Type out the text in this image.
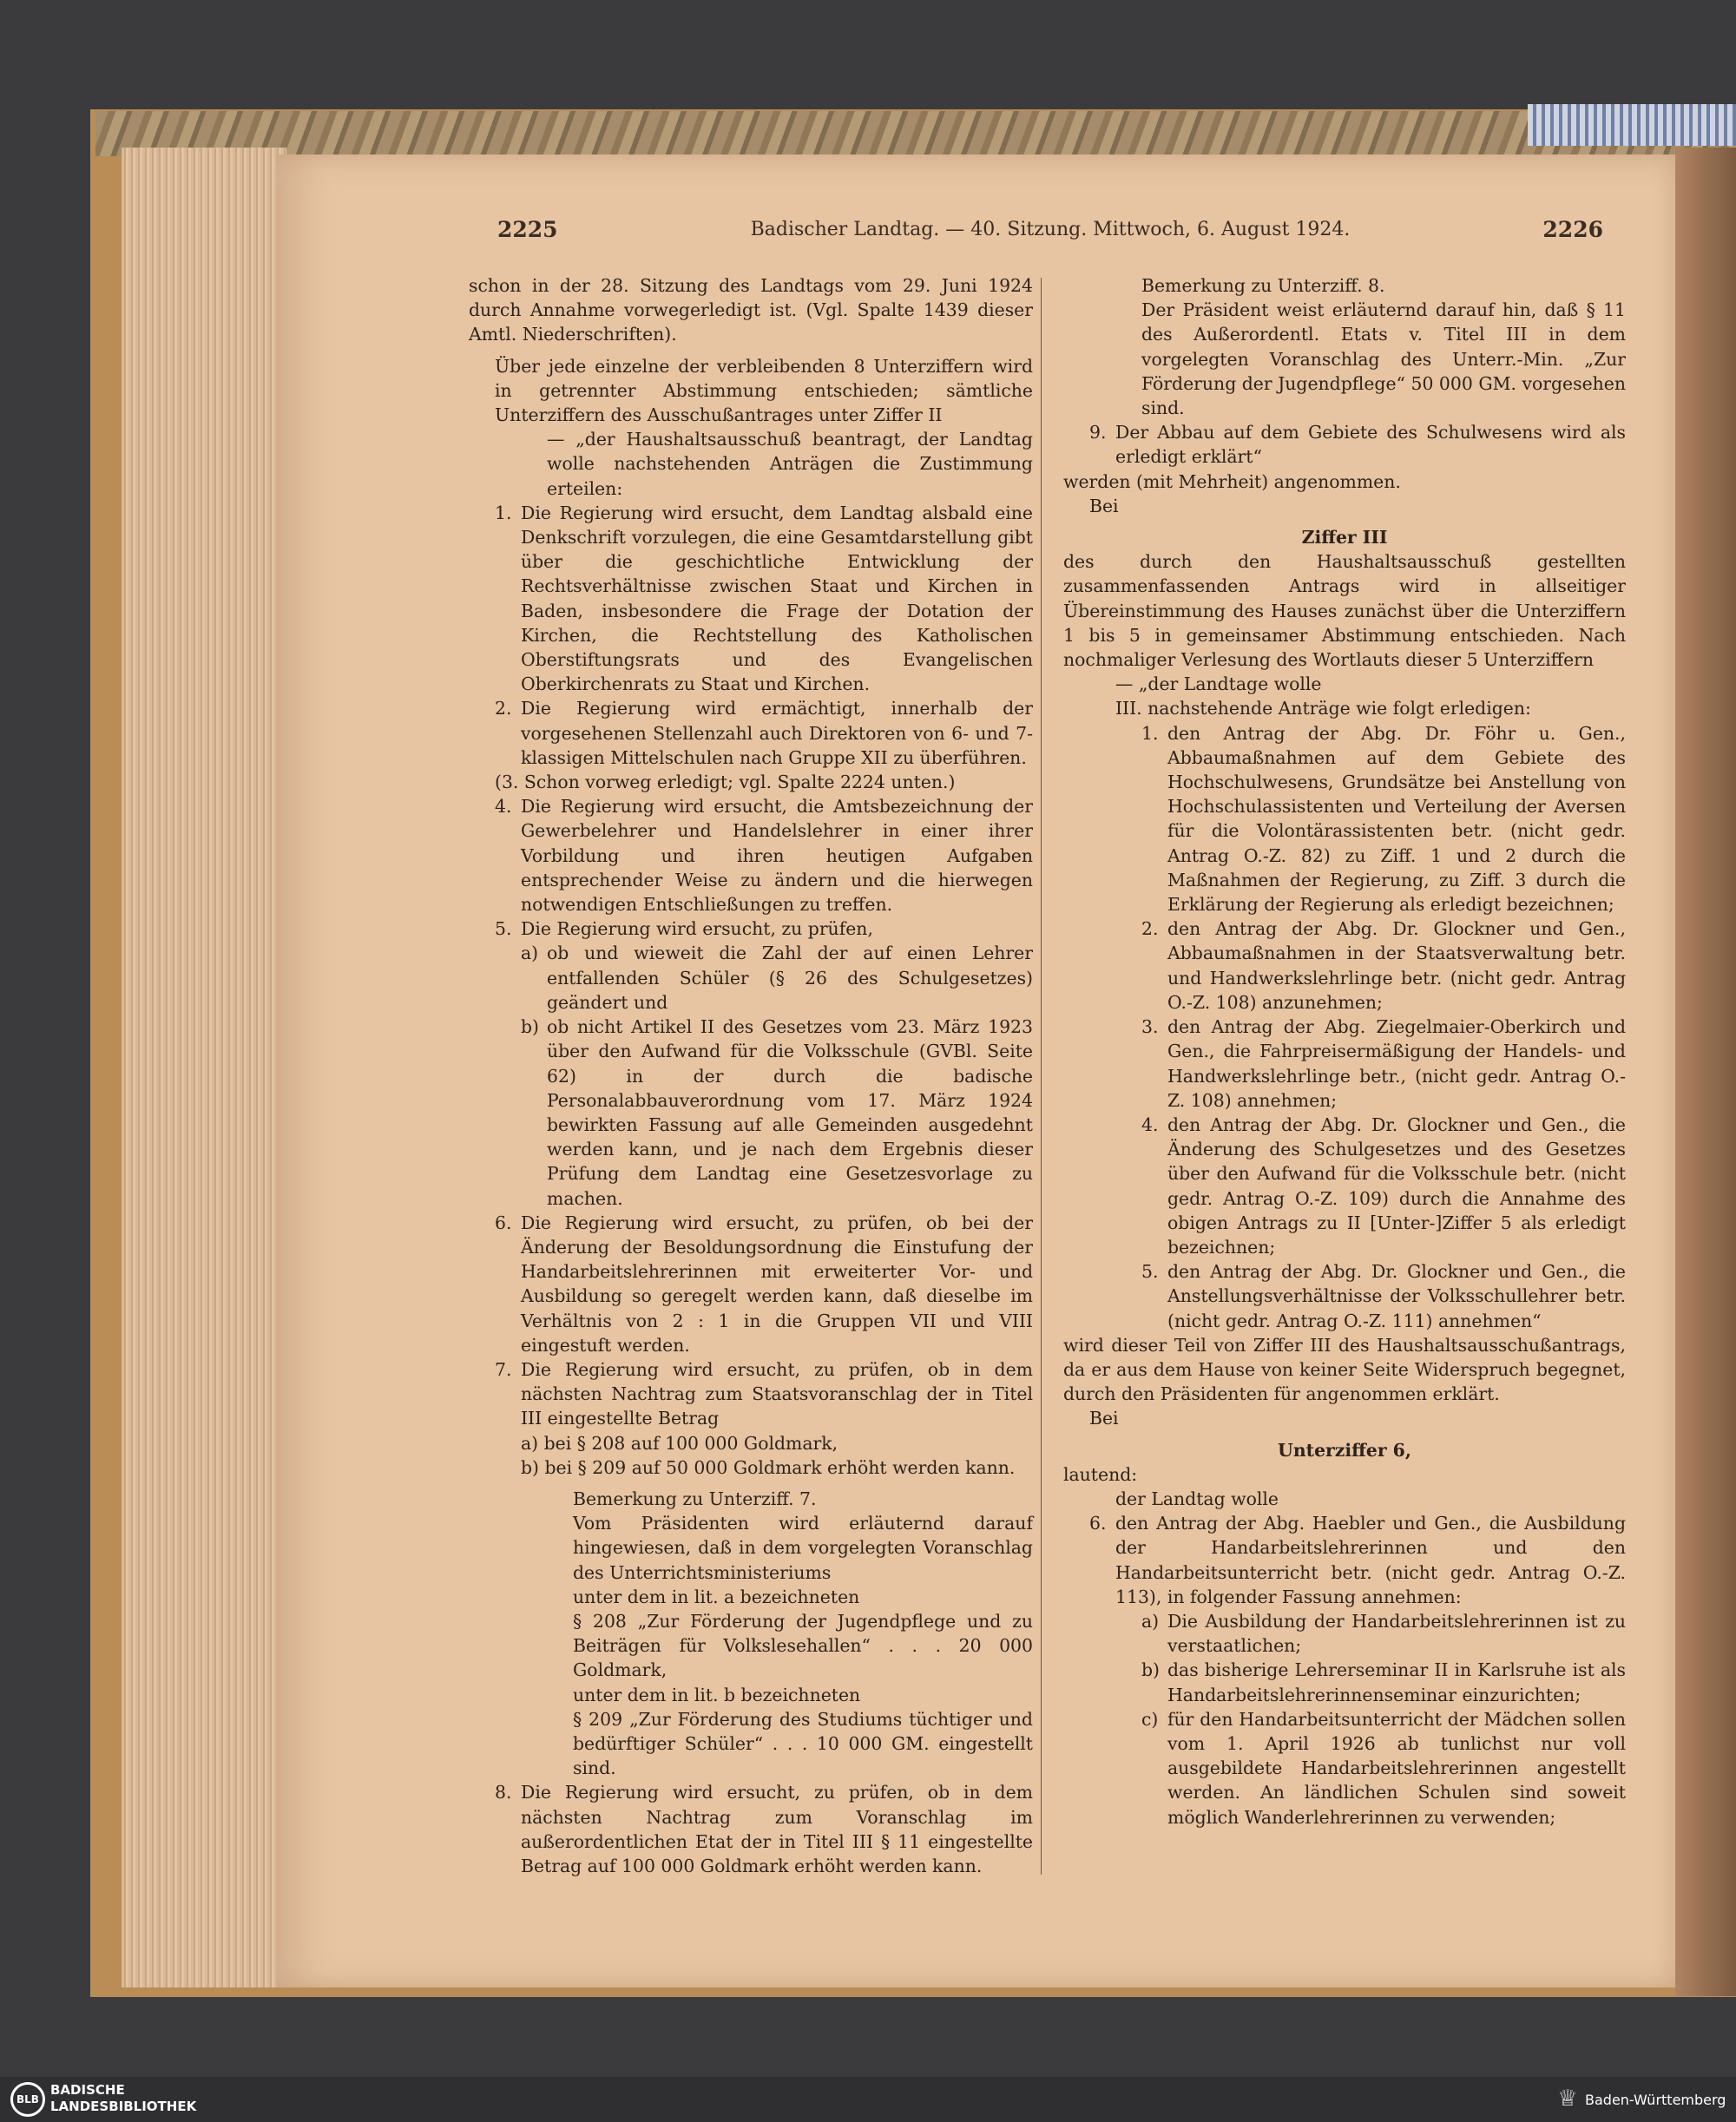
2225	Badischer Landtag. — 40. Sitzung. Mittwoch, 6. August 1924.	2226

schon in der 28. Sitzung des Landtags vom 29. Juni 1924 durch Annahme vorwegerledigt ist. (Vgl. Spalte 1439 dieser Amtl. Niederschriften).

Über jede einzelne der verbleibenden 8 Unterziffern wird in getrennter Abstimmung entschieden; sämtliche Unterziffern des Ausschußantrages unter Ziffer II

— „der Haushaltsausschuß beantragt, der Landtag wolle nachstehenden Anträgen die Zustimmung erteilen:

1. Die Regierung wird ersucht, dem Landtag alsbald eine Denkschrift vorzulegen, die eine Gesamtdarstellung gibt über die geschichtliche Entwicklung der Rechtsverhältnisse zwischen Staat und Kirchen in Baden, insbesondere die Frage der Dotation der Kirchen, die Rechtstellung des Katholischen Oberstiftungsrats und des Evangelischen Oberkirchenrats zu Staat und Kirchen.

2. Die Regierung wird ermächtigt, innerhalb der vorgesehenen Stellenzahl auch Direktoren von 6- und 7-klassigen Mittelschulen nach Gruppe XII zu überführen.

(3. Schon vorweg erledigt; vgl. Spalte 2224 unten.)

4. Die Regierung wird ersucht, die Amtsbezeichnung der Gewerbelehrer und Handelslehrer in einer ihrer Vorbildung und ihren heutigen Aufgaben entsprechender Weise zu ändern und die hierwegen notwendigen Entschließungen zu treffen.

5. Die Regierung wird ersucht, zu prüfen,

a) ob und wieweit die Zahl der auf einen Lehrer entfallenden Schüler (§ 26 des Schulgesetzes) geändert und

b) ob nicht Artikel II des Gesetzes vom 23. März 1923 über den Aufwand für die Volksschule (GVBl. Seite 62) in der durch die badische Personalabbauverordnung vom 17. März 1924 bewirkten Fassung auf alle Gemeinden ausgedehnt werden kann, und je nach dem Ergebnis dieser Prüfung dem Landtag eine Gesetzesvorlage zu machen.

6. Die Regierung wird ersucht, zu prüfen, ob bei der Änderung der Besoldungsordnung die Einstufung der Handarbeitslehrerinnen mit erweiterter Vor- und Ausbildung so geregelt werden kann, daß dieselbe im Verhältnis von 2 : 1 in die Gruppen VII und VIII eingestuft werden.

7. Die Regierung wird ersucht, zu prüfen, ob in dem nächsten Nachtrag zum Staatsvoranschlag der in Titel III eingestellte Betrag

a) bei § 208 auf 100 000 Goldmark,

b) bei § 209 auf 50 000 Goldmark erhöht werden kann.

Bemerkung zu Unterziff. 7.

Vom Präsidenten wird erläuternd darauf hingewiesen, daß in dem vorgelegten Voranschlag des Unterrichtsministeriums

unter dem in lit. a bezeichneten

§ 208 „Zur Förderung der Jugendpflege und zu Beiträgen für Volkslesehallen“ . . . 20 000 Goldmark,

unter dem in lit. b bezeichneten

§ 209 „Zur Förderung des Studiums tüchtiger und bedürftiger Schüler“ . . . 10 000 GM. eingestellt sind.

8. Die Regierung wird ersucht, zu prüfen, ob in dem nächsten Nachtrag zum Voranschlag im außerordentlichen Etat der in Titel III § 11 eingestellte Betrag auf 100 000 Goldmark erhöht werden kann.

Bemerkung zu Unterziff. 8.

Der Präsident weist erläuternd darauf hin, daß § 11 des Außerordentl. Etats v. Titel III in dem vorgelegten Voranschlag des Unterr.-Min. „Zur Förderung der Jugendpflege“ 50 000 GM. vorgesehen sind.

9. Der Abbau auf dem Gebiete des Schulwesens wird als erledigt erklärt“

werden (mit Mehrheit) angenommen.

Bei

Ziffer III

des durch den Haushaltsausschuß gestellten zusammenfassenden Antrags wird in allseitiger Übereinstimmung des Hauses zunächst über die Unterziffern 1 bis 5 in gemeinsamer Abstimmung entschieden. Nach nochmaliger Verlesung des Wortlauts dieser 5 Unterziffern

— „der Landtage wolle

III. nachstehende Anträge wie folgt erledigen:

1. den Antrag der Abg. Dr. Föhr u. Gen., Abbaumaßnahmen auf dem Gebiete des Hochschulwesens, Grundsätze bei Anstellung von Hochschulassistenten und Verteilung der Aversen für die Volontärassistenten betr. (nicht gedr. Antrag O.-Z. 82) zu Ziff. 1 und 2 durch die Maßnahmen der Regierung, zu Ziff. 3 durch die Erklärung der Regierung als erledigt bezeichnen;

2. den Antrag der Abg. Dr. Glockner und Gen., Abbaumaßnahmen in der Staatsverwaltung betr. und Handwerkslehrlinge betr. (nicht gedr. Antrag O.-Z. 108) anzunehmen;

3. den Antrag der Abg. Ziegelmaier-Oberkirch und Gen., die Fahrpreisermäßigung der Handels- und Handwerkslehrlinge betr., (nicht gedr. Antrag O.-Z. 108) annehmen;

4. den Antrag der Abg. Dr. Glockner und Gen., die Änderung des Schulgesetzes und des Gesetzes über den Aufwand für die Volksschule betr. (nicht gedr. Antrag O.-Z. 109) durch die Annahme des obigen Antrags zu II [Unter-]Ziffer 5 als erledigt bezeichnen;

5. den Antrag der Abg. Dr. Glockner und Gen., die Anstellungsverhältnisse der Volksschullehrer betr. (nicht gedr. Antrag O.-Z. 111) annehmen“

wird dieser Teil von Ziffer III des Haushaltsausschußantrags, da er aus dem Hause von keiner Seite Widerspruch begegnet, durch den Präsidenten für angenommen erklärt.

Bei

Unterziffer 6,

lautend:

der Landtag wolle

6. den Antrag der Abg. Haebler und Gen., die Ausbildung der Handarbeitslehrerinnen und den Handarbeitsunterricht betr. (nicht gedr. Antrag O.-Z. 113), in folgender Fassung annehmen:

a) Die Ausbildung der Handarbeitslehrerinnen ist zu verstaatlichen;

b) das bisherige Lehrerseminar II in Karlsruhe ist als Handarbeitslehrerinnenseminar einzurichten;

c) für den Handarbeitsunterricht der Mädchen sollen vom 1. April 1926 ab tunlichst nur voll ausgebildete Handarbeitslehrerinnen angestellt werden. An ländlichen Schulen sind soweit möglich Wanderlehrerinnen zu verwenden;

BLB
BADISCHE
LANDESBIBLIOTHEK	♕ Baden-Württemberg
